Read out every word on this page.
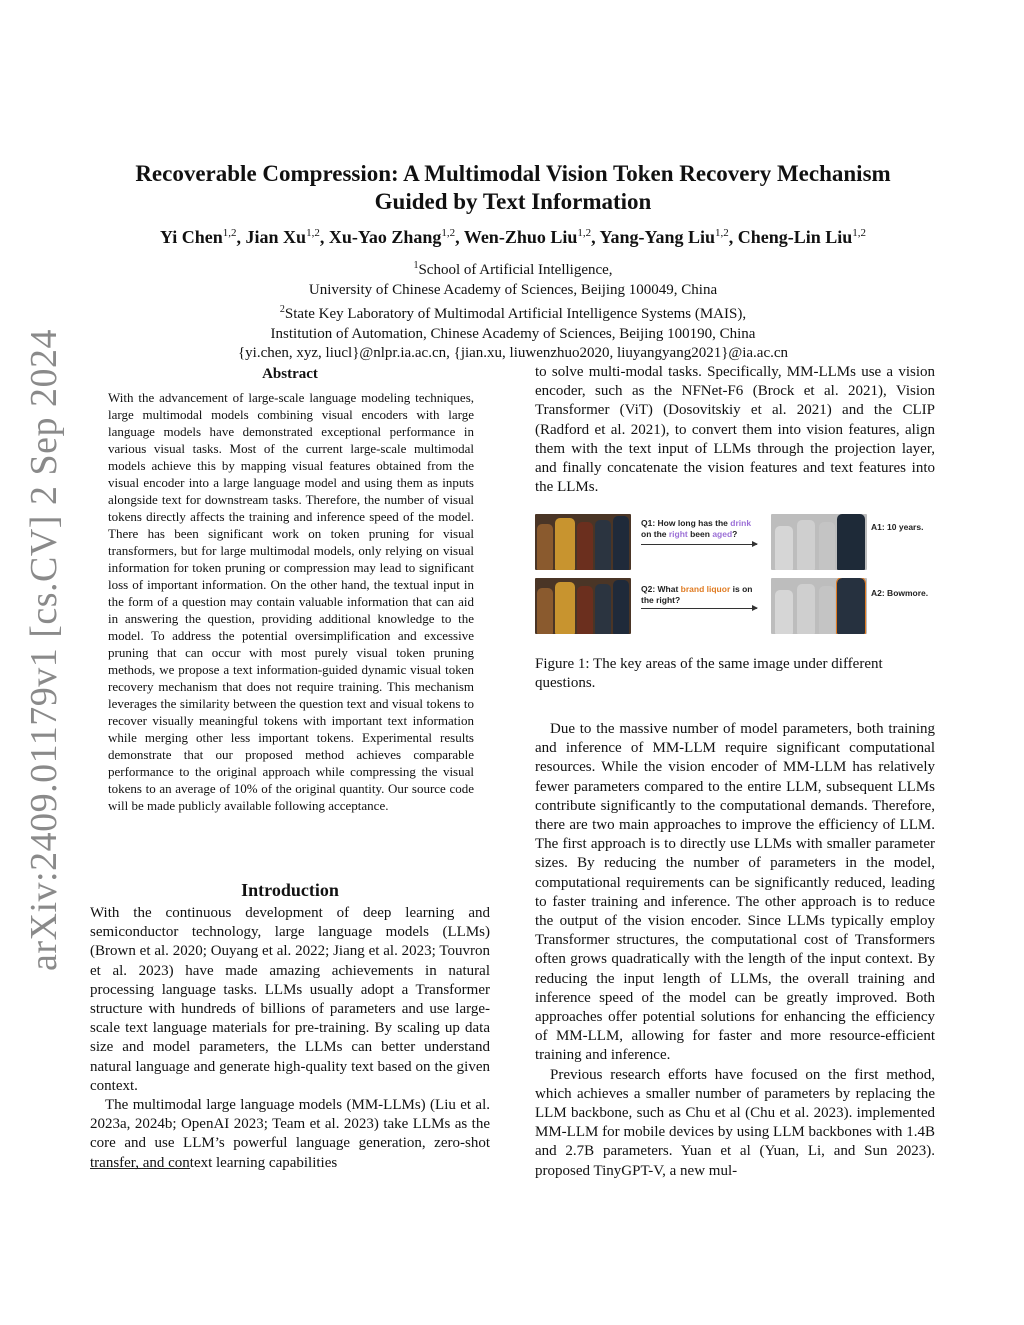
arXiv:2409.01179v1 [cs.CV] 2 Sep 2024
Recoverable Compression: A Multimodal Vision Token Recovery Mechanism
Guided by Text Information
Yi Chen$^{1,2}$, Jian Xu$^{1,2}$, Xu-Yao Zhang$^{1,2}$, Wen-Zhuo Liu$^{1,2}$, Yang-Yang Liu$^{1,2}$, Cheng-Lin Liu$^{1,2}$
$^1$School of Artificial Intelligence,
University of Chinese Academy of Sciences, Beijing 100049, China
$^2$State Key Laboratory of Multimodal Artificial Intelligence Systems (MAIS),
Institution of Automation, Chinese Academy of Sciences, Beijing 100190, China
{yi.chen, xyz, liucl}@nlpr.ia.ac.cn, {jian.xu, liuwenzhuo2020, liuyangyang2021}@ia.ac.cn
Abstract
With the advancement of large-scale language modeling techniques, large multimodal models combining visual encoders with large language models have demonstrated exceptional performance in various visual tasks. Most of the current large-scale multimodal models achieve this by mapping visual features obtained from the visual encoder into a large language model and using them as inputs alongside text for downstream tasks. Therefore, the number of visual tokens directly affects the training and inference speed of the model. There has been significant work on token pruning for visual transformers, but for large multimodal models, only relying on visual information for token pruning or compression may lead to significant loss of important information. On the other hand, the textual input in the form of a question may contain valuable information that can aid in answering the question, providing additional knowledge to the model. To address the potential oversimplification and excessive pruning that can occur with most purely visual token pruning methods, we propose a text information-guided dynamic visual token recovery mechanism that does not require training. This mechanism leverages the similarity between the question text and visual tokens to recover visually meaningful tokens with important text information while merging other less important tokens. Experimental results demonstrate that our proposed method achieves comparable performance to the original approach while compressing the visual tokens to an average of 10% of the original quantity. Our source code will be made publicly available following acceptance.
Introduction

With the continuous development of deep learning and semiconductor technology, large language models (LLMs) (Brown et al. 2020; Ouyang et al. 2022; Jiang et al. 2023; Touvron et al. 2023) have made amazing achievements in natural processing language tasks. LLMs usually adopt a Transformer structure with hundreds of billions of parameters and use large-scale text language materials for pre-training. By scaling up data size and model parameters, the LLMs can better understand natural language and generate high-quality text based on the given context.

The multimodal large language models (MM-LLMs) (Liu et al. 2023a, 2024b; OpenAI 2023; Team et al. 2023) take LLMs as the core and use LLM’s powerful language generation, zero-shot transfer, and context learning capabilities

to solve multi-modal tasks. Specifically, MM-LLMs use a vision encoder, such as the NFNet-F6 (Brock et al. 2021), Vision Transformer (ViT) (Dosovitskiy et al. 2021) and the CLIP (Radford et al. 2021), to convert them into vision features, align them with the text input of LLMs through the projection layer, and finally concatenate the vision features and text features into the LLMs.

Q1: How long has the drink on the right been aged?
A1: 10 years.
Q2: What brand liquor is on the right?
A2: Bowmore.
Figure 1: The key areas of the same image under different questions.

Due to the massive number of model parameters, both training and inference of MM-LLM require significant computational resources. While the vision encoder of MM-LLM has relatively fewer parameters compared to the entire LLM, subsequent LLMs contribute significantly to the computational demands. Therefore, there are two main approaches to improve the efficiency of LLM. The first approach is to directly use LLMs with smaller parameter sizes. By reducing the number of parameters in the model, computational requirements can be significantly reduced, leading to faster training and inference. The other approach is to reduce the output of the vision encoder. Since LLMs typically employ Transformer structures, the computational cost of Transformers often grows quadratically with the length of the input context. By reducing the input length of LLMs, the overall training and inference speed of the model can be greatly improved. Both approaches offer potential solutions for enhancing the efficiency of MM-LLM, allowing for faster and more resource-efficient training and inference.

Previous research efforts have focused on the first method, which achieves a smaller number of parameters by replacing the LLM backbone, such as Chu et al (Chu et al. 2023). implemented MM-LLM for mobile devices by using LLM backbones with 1.4B and 2.7B parameters. Yuan et al (Yuan, Li, and Sun 2023). proposed TinyGPT-V, a new mul-
